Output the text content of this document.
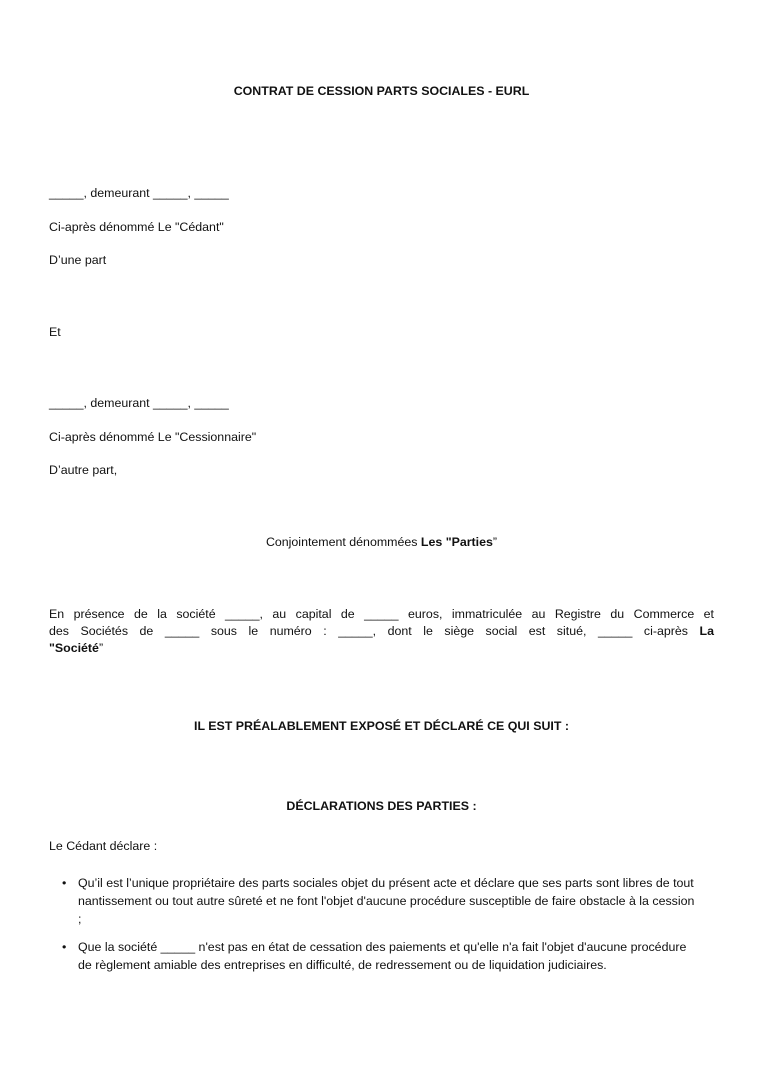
CONTRAT DE CESSION PARTS SOCIALES - EURL
_____, demeurant _____, _____
Ci-après dénommé Le "Cédant"
D’une part
Et
_____, demeurant _____, _____
Ci-après dénommé Le "Cessionnaire"
D’autre part,
Conjointement dénommées Les "Parties”
En présence de la société _____, au capital de _____ euros, immatriculée au Registre du Commerce et
des Sociétés de _____ sous le numéro : _____, dont le siège social est situé, _____ ci-après La
"Société”
IL EST PRÉALABLEMENT EXPOSÉ ET DÉCLARÉ CE QUI SUIT :
DÉCLARATIONS DES PARTIES :
Le Cédant déclare :
• Qu’il est l’unique propriétaire des parts sociales objet du présent acte et déclare que ses parts sont libres de tout nantissement ou tout autre sûreté et ne font l'objet d'aucune procédure susceptible de faire obstacle à la cession ;
• Que la société _____ n'est pas en état de cessation des paiements et qu'elle n'a fait l'objet d'aucune procédure de règlement amiable des entreprises en difficulté, de redressement ou de liquidation judiciaires.
